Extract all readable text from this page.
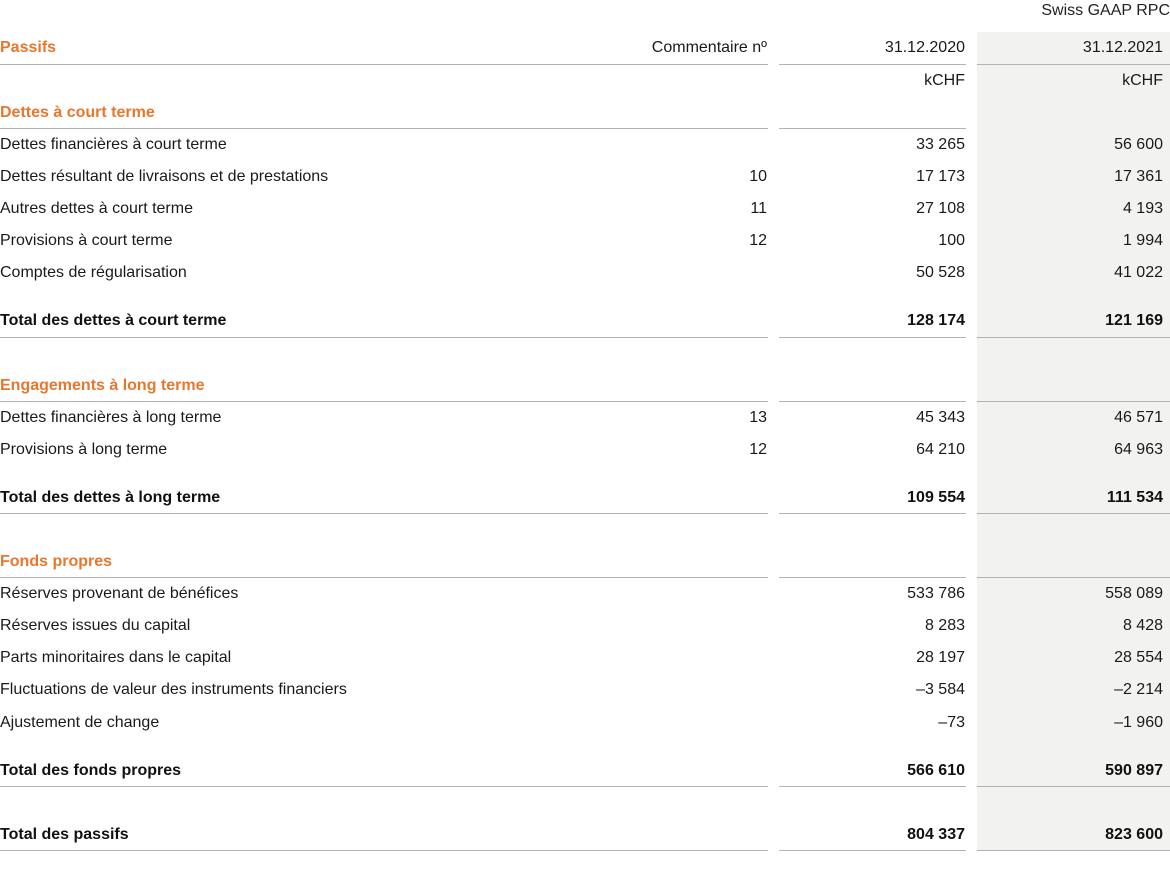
Swiss GAAP RPC
Passifs	Commentaire nº	31.12.2020	31.12.2021
kCHF	kCHF
Dettes à court terme
Dettes financières à court terme	33 265	56 600
Dettes résultant de livraisons et de prestations	10	17 173	17 361
Autres dettes à court terme	11	27 108	4 193
Provisions à court terme	12	100	1 994
Comptes de régularisation	50 528	41 022
Total des dettes à court terme	128 174	121 169
Engagements à long terme
Dettes financières à long terme	13	45 343	46 571
Provisions à long terme	12	64 210	64 963
Total des dettes à long terme	109 554	111 534
Fonds propres
Réserves provenant de bénéfices	533 786	558 089
Réserves issues du capital	8 283	8 428
Parts minoritaires dans le capital	28 197	28 554
Fluctuations de valeur des instruments financiers	–3 584	–2 214
Ajustement de change	–73	–1 960
Total des fonds propres	566 610	590 897
Total des passifs	804 337	823 600
